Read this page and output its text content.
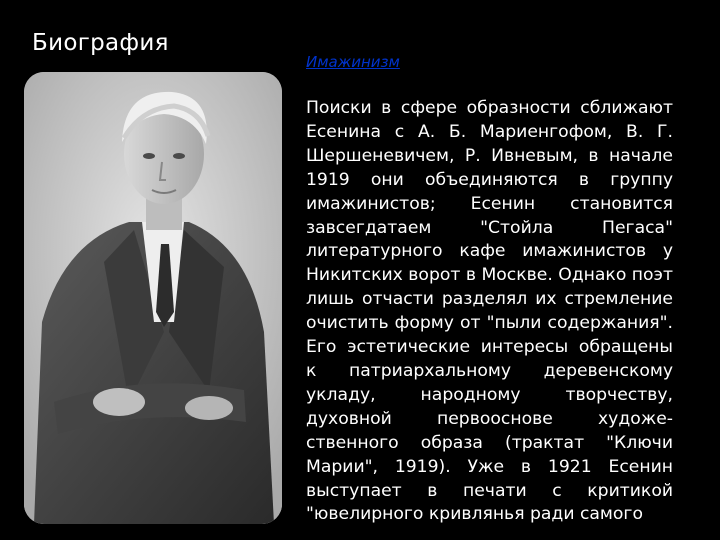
Биография
Имажинизм

Поиски в сфере образности сближают Есенина с А. Б. Мариенгофом, В. Г. Шершеневичем, Р. Ивневым, в начале 1919 они объединяются в группу имажинистов; Есенин становится завсегдатаем "Стойла Пегаса" литературного кафе имажинистов у Никитских ворот в Москве. Однако поэт лишь отчасти разделял их стремление очистить форму от "пыли содержания". Его эстетические интересы обращены к патриархальному деревенскому укладу, народному творчеству, духовной первооснове художе-ственного образа (трактат "Ключи Марии", 1919). Уже в 1921 Есенин выступает в печати с критикой "ювелирного кривлянья ради самого
